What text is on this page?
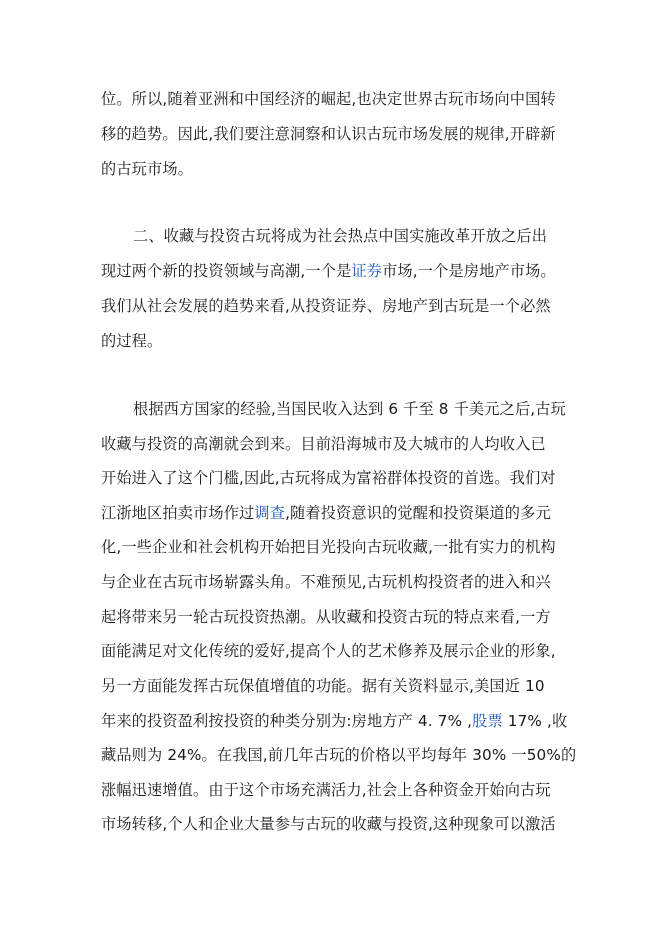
位。所以,随着亚洲和中国经济的崛起,也决定世界古玩市场向中国转

移的趋势。因此,我们要注意洞察和认识古玩市场发展的规律,开辟新

的古玩市场。

二、收藏与投资古玩将成为社会热点中国实施改革开放之后出

现过两个新的投资领域与高潮,一个是证券市场,一个是房地产市场。

我们从社会发展的趋势来看,从投资证券、房地产到古玩是一个必然

的过程。

根据西方国家的经验,当国民收入达到 6 千至 8 千美元之后,古玩

收藏与投资的高潮就会到来。目前沿海城市及大城市的人均收入已

开始进入了这个门槛,因此,古玩将成为富裕群体投资的首选。我们对

江浙地区拍卖市场作过调查,随着投资意识的觉醒和投资渠道的多元

化,一些企业和社会机构开始把目光投向古玩收藏,一批有实力的机构

与企业在古玩市场崭露头角。不难预见,古玩机构投资者的进入和兴

起将带来另一轮古玩投资热潮。从收藏和投资古玩的特点来看,一方

面能满足对文化传统的爱好,提高个人的艺术修养及展示企业的形象,

另一方面能发挥古玩保值增值的功能。据有关资料显示,美国近 10

年来的投资盈利按投资的种类分别为:房地方产 4. 7% ,股票 17% ,收

藏品则为 24%。在我国,前几年古玩的价格以平均每年 30% 一50%的

涨幅迅速增值。由于这个市场充满活力,社会上各种资金开始向古玩

市场转移,个人和企业大量参与古玩的收藏与投资,这种现象可以激活
